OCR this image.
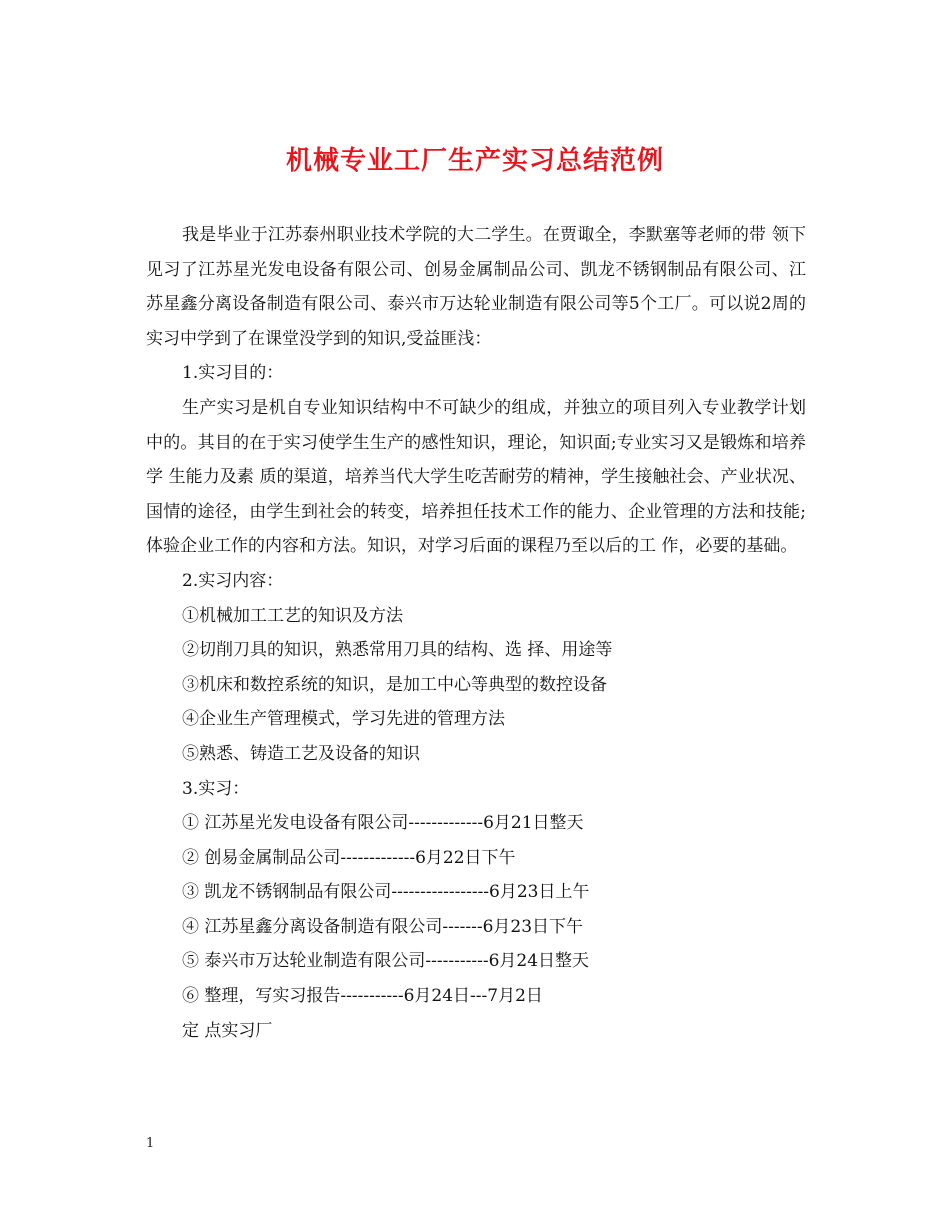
机械专业工厂生产实习总结范例

我是毕业于江苏泰州职业技术学院的大二学生。在贾诹全，李默塞等老师的带 领下见习了江苏星光发电设备有限公司、创易金属制品公司、凯龙不锈钢制品有限公司、江苏星鑫分离设备制造有限公司、泰兴市万达轮业制造有限公司等5个工厂。可以说2周的实习中学到了在课堂没学到的知识,受益匪浅：

1.实习目的：

生产实习是机自专业知识结构中不可缺少的组成，并独立的项目列入专业教学计划中的。其目的在于实习使学生生产的感性知识，理论，知识面;专业实习又是锻炼和培养学 生能力及素 质的渠道，培养当代大学生吃苦耐劳的精神，学生接触社会、产业状况、国情的途径，由学生到社会的转变，培养担任技术工作的能力、企业管理的方法和技能;体验企业工作的内容和方法。知识，对学习后面的课程乃至以后的工 作，必要的基础。

2.实习内容：

①机械加工工艺的知识及方法

②切削刀具的知识，熟悉常用刀具的结构、选 择、用途等

③机床和数控系统的知识，是加工中心等典型的数控设备

④企业生产管理模式，学习先进的管理方法

⑤熟悉、铸造工艺及设备的知识

3.实习：

① 江苏星光发电设备有限公司-------------6月21日整天

② 创易金属制品公司-------------6月22日下午

③ 凯龙不锈钢制品有限公司-----------------6月23日上午

④ 江苏星鑫分离设备制造有限公司-------6月23日下午

⑤ 泰兴市万达轮业制造有限公司-----------6月24日整天

⑥ 整理，写实习报告-----------6月24日---7月2日

定 点实习厂

1
